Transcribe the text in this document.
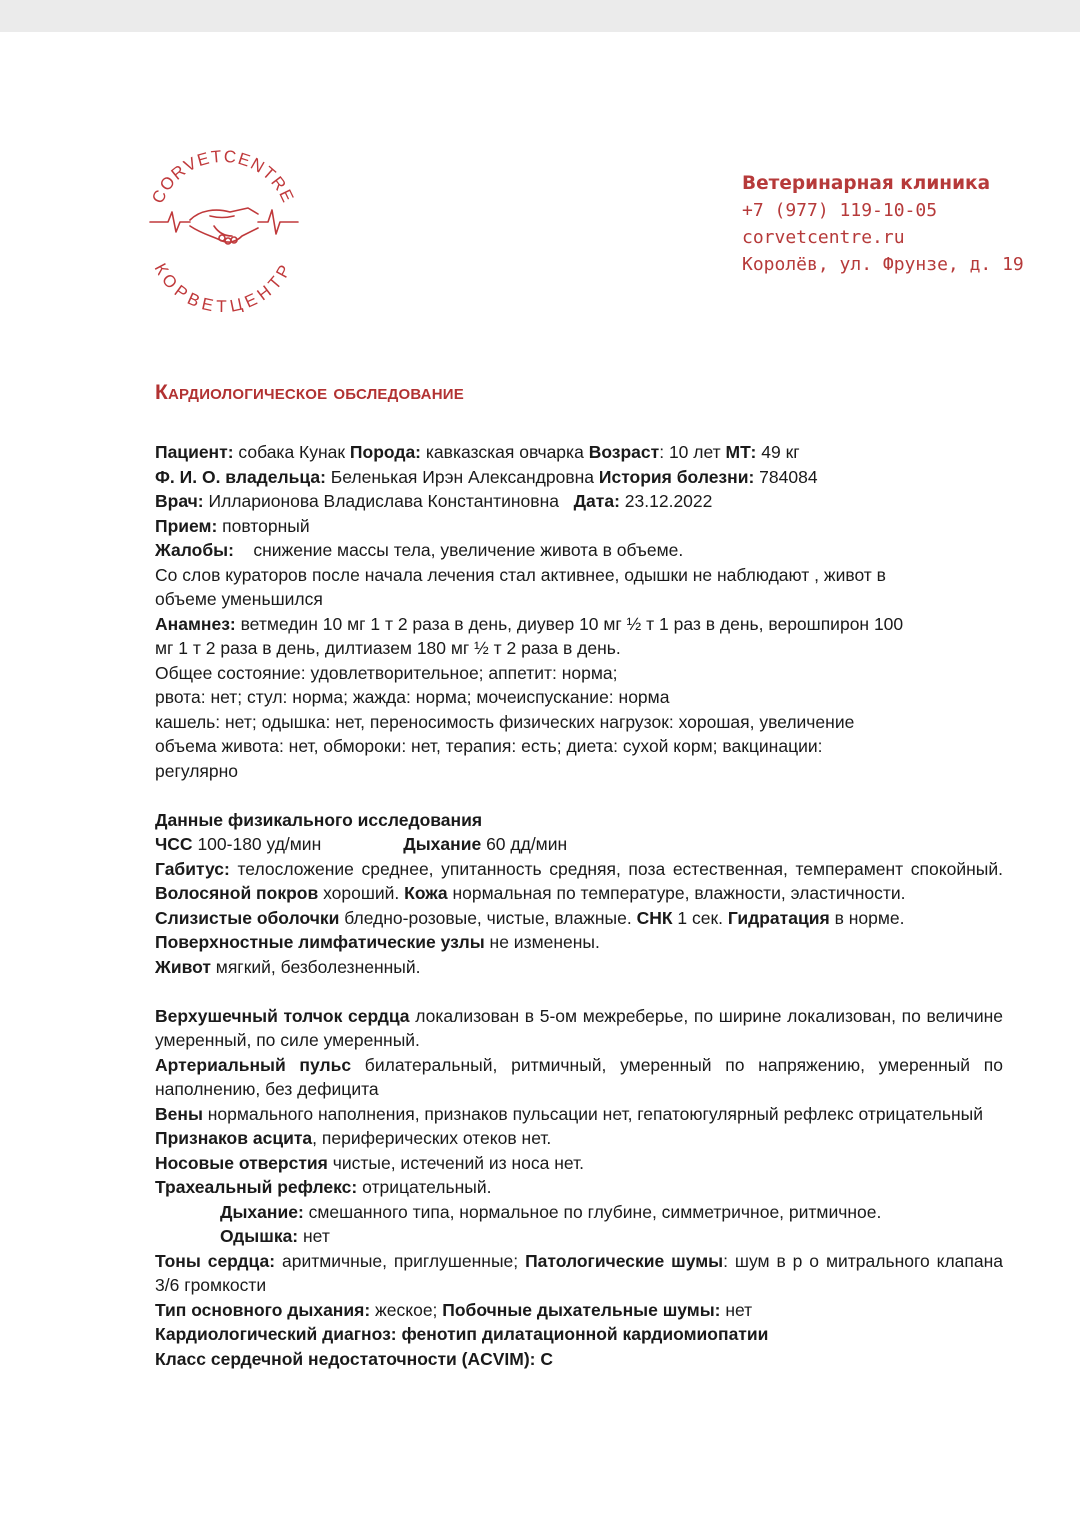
CORVETCENTRE
КОРВЕТЦЕНТР
Ветеринарная клиника
+7 (977) 119-10-05
corvetcentre.ru
Королёв, ул. Фрунзе, д. 19
Кардиологическое обследование

Пациент: собака Кунак Порода: кавказская овчарка Возраст: 10 лет МТ: 49 кг

Ф. И. О. владельца: Беленькая Ирэн Александровна История болезни: 784084

Врач: Илларионова Владислава Константиновна   Дата: 23.12.2022

Прием: повторный

Жалобы:    снижение массы тела, увеличение живота в объеме.

Со слов кураторов после начала лечения стал активнее, одышки не наблюдают , живот в

объеме уменьшился

Анамнез: ветмедин 10 мг 1 т 2 раза в день, диувер 10 мг ½ т 1 раз в день, верошпирон 100

мг 1 т 2 раза в день, дилтиазем 180 мг ½ т 2 раза в день.

Общее состояние: удовлетворительное; аппетит: норма;

рвота: нет; стул: норма; жажда: норма; мочеиспускание: норма

кашель: нет; одышка: нет, переносимость физических нагрузок: хорошая, увеличение

объема живота: нет, обмороки: нет, терапия: есть; диета: сухой корм; вакцинации:

регулярно

Данные физикального исследования

ЧСС 100-180 уд/мин	Дыхание 60 дд/мин

Габитус: телосложение среднее, упитанность средняя, поза естественная, темперамент спокойный. Волосяной покров хороший. Кожа нормальная по температуре, влажности, эластичности.

Слизистые оболочки бледно-розовые, чистые, влажные. СНК 1 сек. Гидратация в норме.

Поверхностные лимфатические узлы не изменены.

Живот мягкий, безболезненный.

Верхушечный толчок сердца локализован в 5-ом межреберье, по ширине локализован, по величине умеренный, по силе умеренный.

Артериальный пульс билатеральный, ритмичный, умеренный по напряжению, умеренный по наполнению, без дефицита

Вены нормального наполнения, признаков пульсации нет, гепатоюгулярный рефлекс отрицательный

Признаков асцита, периферических отеков нет.

Носовые отверстия чистые, истечений из носа нет.

Трахеальный рефлекс: отрицательный.

Дыхание: смешанного типа, нормальное по глубине, симметричное, ритмичное.

Одышка: нет

Тоны сердца: аритмичные, приглушенные; Патологические шумы: шум в р о митрального клапана 3/6 громкости

Тип основного дыхания: жеское; Побочные дыхательные шумы: нет

Кардиологический диагноз: фенотип дилатационной кардиомиопатии

Класс сердечной недостаточности (ACVIM): С
